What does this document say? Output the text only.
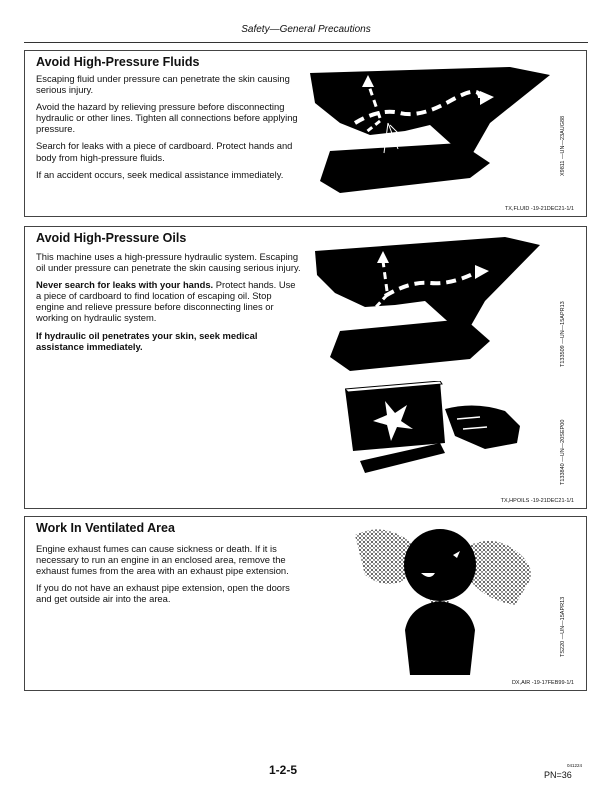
Safety—General Precautions
Avoid High-Pressure Fluids

Escaping fluid under pressure can penetrate the skin causing serious injury.

Avoid the hazard by relieving pressure before disconnecting hydraulic or other lines. Tighten all connections before applying pressure.

Search for leaks with a piece of cardboard. Protect hands and body from high-pressure fluids.

If an accident occurs, seek medical assistance immediately.	X9811 —UN—23AUG88
TX,FLUID -19-21DEC21-1/1
Avoid High-Pressure Oils

This machine uses a high-pressure hydraulic system. Escaping oil under pressure can penetrate the skin causing serious injury.

Never search for leaks with your hands. Protect hands. Use a piece of cardboard to find location of escaping oil. Stop engine and relieve pressure before disconnecting lines or working on hydraulic system.

If hydraulic oil penetrates your skin, seek medical assistance immediately.	T133509 —UN—15APR13
T133840 —UN—20SEP00
TX,HPOILS -19-21DEC21-1/1
Work In Ventilated Area

Engine exhaust fumes can cause sickness or death. If it is necessary to run an engine in an enclosed area, remove the exhaust fumes from the area with an exhaust pipe extension.

If you do not have an exhaust pipe extension, open the doors and get outside air into the area.	TS220 —UN—15APR13
DX,AIR -19-17FEB99-1/1
1-2-5	041224
PN=36
